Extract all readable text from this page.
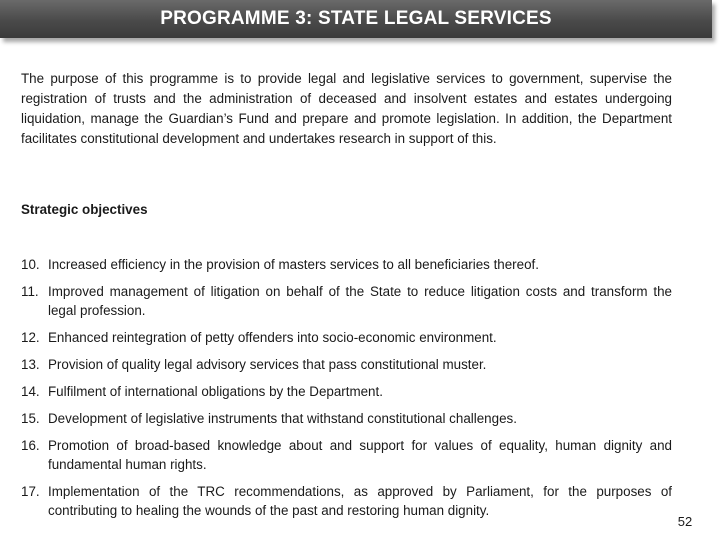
PROGRAMME 3: STATE LEGAL SERVICES

The purpose of this programme is to provide legal and legislative services to government, supervise the registration of trusts and the administration of deceased and insolvent estates and estates undergoing liquidation, manage the Guardian’s Fund and prepare and promote legislation. In addition, the Department facilitates constitutional development and undertakes research in support of this.

Strategic objectives

10. Increased efficiency in the provision of masters services to all beneficiaries thereof.
11. Improved management of litigation on behalf of the State to reduce litigation costs and transform the legal profession.
12. Enhanced reintegration of petty offenders into socio-economic environment.
13. Provision of quality legal advisory services that pass constitutional muster.
14. Fulfilment of international obligations by the Department.
15. Development of legislative instruments that withstand constitutional challenges.
16. Promotion of broad-based knowledge about and support for values of equality, human dignity and fundamental human rights.
17. Implementation of the TRC recommendations, as approved by Parliament, for the purposes of contributing to healing the wounds of the past and restoring human dignity.

52
